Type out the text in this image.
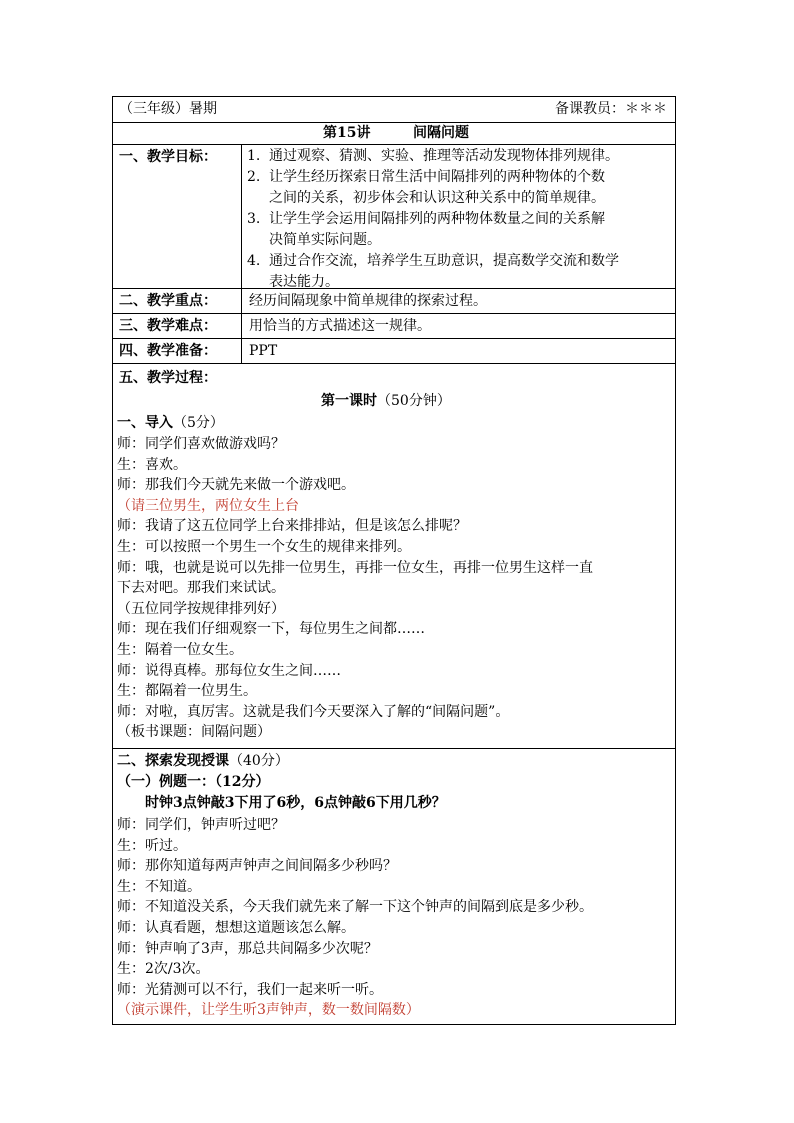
（三年级）暑期	备课教员：＊＊＊
第15讲	间隔问题
一、教学目标： 1. 通过观察、猜测、实验、推理等活动发现物体排列规律。
2. 让学生经历探索日常生活中间隔排列的两种物体的个数
之间的关系，初步体会和认识这种关系中的简单规律。
3. 让学生学会运用间隔排列的两种物体数量之间的关系解
决简单实际问题。
4. 通过合作交流，培养学生互助意识，提高数学交流和数学
表达能力。
二、教学重点： 经历间隔现象中简单规律的探索过程。
三、教学难点： 用恰当的方式描述这一规律。
四、教学准备： PPT
五、教学过程：
第一课时（50分钟）
一、导入（5分）
师：同学们喜欢做游戏吗？
生：喜欢。
师：那我们今天就先来做一个游戏吧。
（请三位男生，两位女生上台
师：我请了这五位同学上台来排排站，但是该怎么排呢？
生：可以按照一个男生一个女生的规律来排列。
师：哦，也就是说可以先排一位男生，再排一位女生，再排一位男生这样一直
下去对吧。那我们来试试。
（五位同学按规律排列好）
师：现在我们仔细观察一下，每位男生之间都……
生：隔着一位女生。
师：说得真棒。那每位女生之间……
生：都隔着一位男生。
师：对啦，真厉害。这就是我们今天要深入了解的“间隔问题”。
（板书课题：间隔问题）
二、探索发现授课（40分）
（一）例题一：（12分）
时钟3点钟敲3下用了6秒，6点钟敲6下用几秒？
师：同学们，钟声听过吧？
生：听过。
师：那你知道每两声钟声之间间隔多少秒吗？
生：不知道。
师：不知道没关系，今天我们就先来了解一下这个钟声的间隔到底是多少秒。
师：认真看题，想想这道题该怎么解。
师：钟声响了3声，那总共间隔多少次呢？
生：2次/3次。
师：光猜测可以不行，我们一起来听一听。
（演示课件，让学生听3声钟声，数一数间隔数）
